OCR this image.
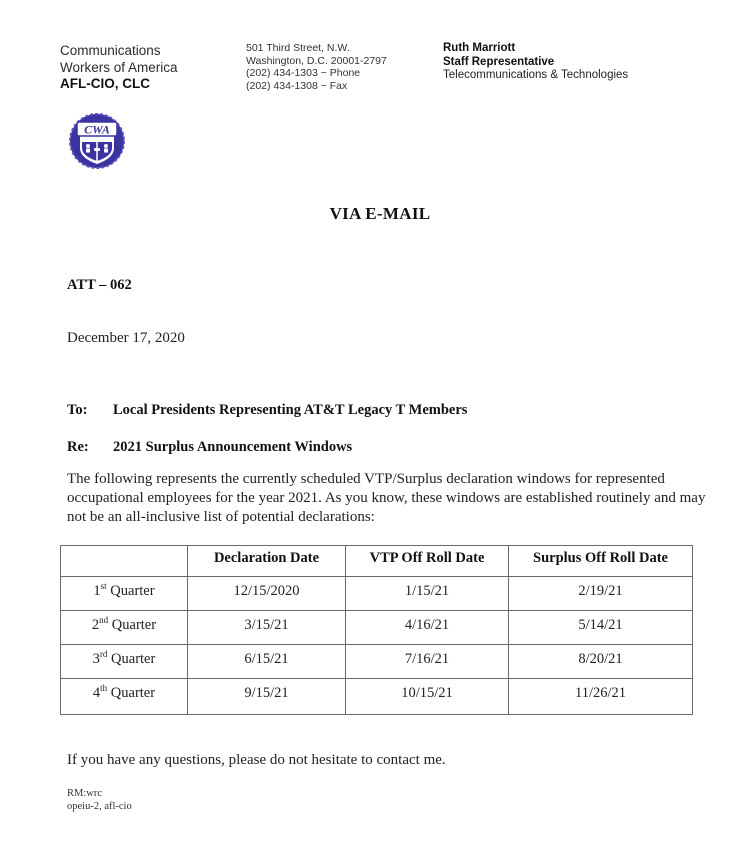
Communications
Workers of America
AFL-CIO, CLC
501 Third Street, N.W.
Washington, D.C. 20001-2797
(202) 434-1303 ~ Phone
(202) 434-1308 ~ Fax
Ruth Marriott
Staff Representative
Telecommunications & Technologies
CWA
VIA E-MAIL
ATT – 062
December 17, 2020
To: Local Presidents Representing AT&T Legacy T Members
Re: 2021 Surplus Announcement Windows
The following represents the currently scheduled VTP/Surplus declaration windows for represented occupational employees for the year 2021. As you know, these windows are established routinely and may not be an all-inclusive list of potential declarations:
	Declaration Date	VTP Off Roll Date	Surplus Off Roll Date
1st Quarter	12/15/2020	1/15/21	2/19/21
2nd Quarter	3/15/21	4/16/21	5/14/21
3rd Quarter	6/15/21	7/16/21	8/20/21
4th Quarter	9/15/21	10/15/21	11/26/21
If you have any questions, please do not hesitate to contact me.
RM:wrc
opeiu-2, afl-cio
